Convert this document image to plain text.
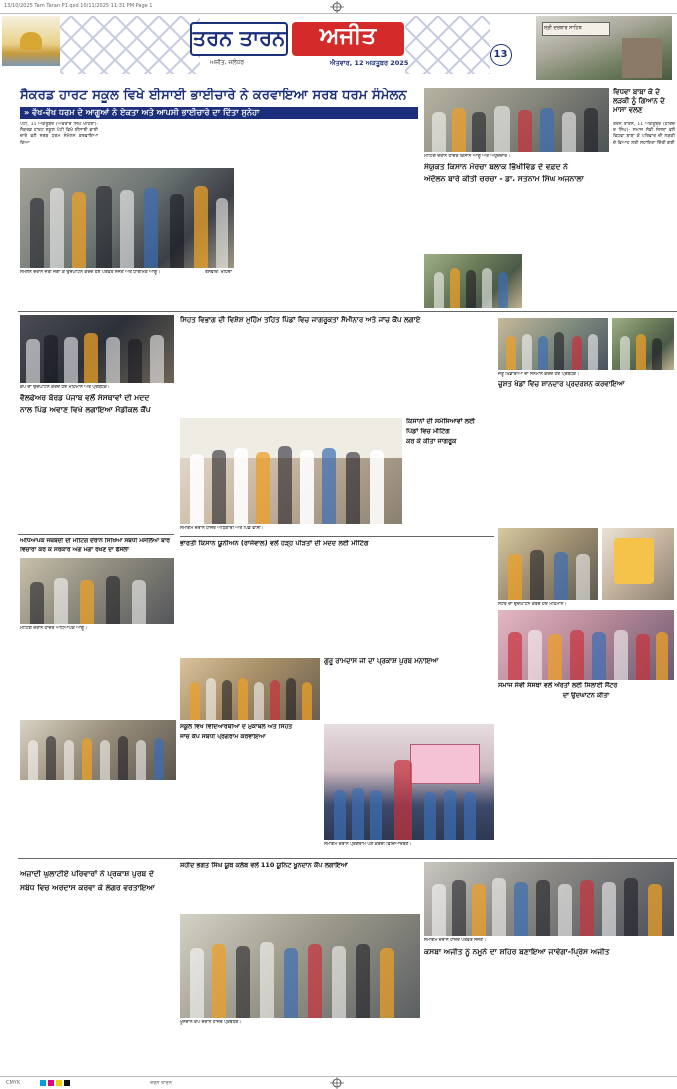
13/10/2025 Tarn Taran P1.qxd 10/11/2025 11:31 PM Page 1
ਤਰਨ ਤਾਰਨ	ਅਜੀਤ
ਅਜੀਤ, ਜਲੰਧਰ	ਐਤਵਾਰ, 12 ਅਕਤੂਬਰ 2025
13
ਸ੍ਰੀ ਦਰਬਾਰ ਸਾਹਿਬ
ਸੈਕਰਡ ਹਾਰਟ ਸਕੂਲ ਵਿਖੇ ਈਸਾਈ ਭਾਈਚਾਰੇ ਨੇ ਕਰਵਾਇਆ ਸਰਬ ਧਰਮ ਸੰਮੇਲਨ
» ਵੱਖ-ਵੱਖ ਧਰਮ ਦੇ ਆਗੂਆਂ ਨੇ ਏਕਤਾ ਅਤੇ ਆਪਸੀ ਭਾਈਚਾਰੇ ਦਾ ਦਿੱਤਾ ਸੁਨੇਹਾ
ਪੱਟੀ, 11 ਅਕਤੂਬਰ (ਅਵਤਾਰ ਸਿੰਘ ਖਹਿਰਾ)- ਸੈਕਰਡ ਹਾਰਟ ਸਕੂਲ ਪੱਟੀ ਵਿਖੇ ਈਸਾਈ ਭਾਈਚਾਰੇ ਵਲੋਂ ਸਰਬ ਧਰਮ ਸੰਮੇਲਨ ਕਰਵਾਇਆ ਗਿਆ
ਸੰਮੇਲਨ ਦੌਰਾਨ ਜੋਤੀ ਜਗਾ ਕੇ ਉਦਘਾਟਨ ਕਰਦੇ ਹੋਏ ਪਤਵੰਤੇ ਸੱਜਣ ਅਤੇ ਧਾਰਮਿਕ ਆਗੂ।	ਤਸਵੀਰ: ਖਹਿਰਾ
ਮੀਟਿੰਗ ਦੌਰਾਨ ਹਾਜ਼ਰ ਕਿਸਾਨ ਆਗੂ ਅਤੇ ਅਹੁਦੇਦਾਰ।
ਸੰਯੁਕਤ ਕਿਸਾਨ ਮੋਰਚਾ ਬਲਾਕ ਭਿੱਖੀਵਿੰਡ ਦੇ ਵਫ਼ਦ ਨੇ
ਅੰਦੋਲਨ ਬਾਰੇ ਕੀਤੀ ਚਰਚਾ - ਡਾ. ਸਤਨਾਮ ਸਿੰਘ ਅਜਨਾਲਾ
ਵਿਧਵਾ ਬਾਬਾ ਕੇ ਦੇ ਲੜਕੀ ਨੂੰ ਗਿਆਨ ਦੇ ਮਾਸਾ ਵਲਣ
ਤਰਨ ਤਾਰਨ, 11 ਅਕਤੂਬਰ (ਹਰਿੰਦਰ ਸਿੰਘ)- ਸਮਾਜ ਸੇਵੀ ਸੰਸਥਾ ਵਲੋਂ ਵਿਧਵਾ ਬਾਬਾ ਕੇ ਪਰਿਵਾਰ ਦੀ ਲੜਕੀ ਦੇ ਵਿਆਹ ਲਈ ਸਹਾਇਤਾ ਦਿੱਤੀ ਗਈ
ਕੈਂਪ ਦਾ ਉਦਘਾਟਨ ਕਰਦੇ ਹੋਏ ਮਹਿਮਾਨ ਅਤੇ ਪ੍ਰਬੰਧਕ।
ਵੈਲਫੇਅਰ ਬੋਰਡ ਪੰਜਾਬ ਵਲੋਂ ਸੰਸਥਾਵਾਂ ਦੀ ਮਦਦ
ਨਾਲ ਪਿੰਡ ਅਵਾਣ ਵਿਖੇ ਲਗਾਇਆ ਮੈਡੀਕਲ ਕੈਂਪ
ਸਿਹਤ ਵਿਭਾਗ ਦੀ ਵਿਸ਼ੇਸ਼ ਮੁਹਿੰਮ ਤਹਿਤ ਪਿੰਡਾਂ ਵਿਚ ਜਾਗਰੂਕਤਾ ਸੈਮੀਨਾਰ ਅਤੇ ਜਾਂਚ ਕੈਂਪ ਲਗਾਏ
ਸਮਾਗਮ ਦੌਰਾਨ ਹਾਜ਼ਰ ਅਧਿਕਾਰੀ ਅਤੇ ਪਿੰਡ ਵਾਸੀ।
ਕਿਸਾਨਾਂ ਦੀ ਸਮੱਸਿਆਵਾਂ ਲਈ
ਪਿੰਡਾਂ ਵਿਚ ਮੀਟਿੰਗ
ਕਰ ਕੇ ਕੀਤਾ ਜਾਗਰੂਕ
ਜੇਤੂ ਖਿਡਾਰੀਆਂ ਦਾ ਸਨਮਾਨ ਕਰਦੇ ਹੋਏ ਪ੍ਰਬੰਧਕ।
ਚੁਸ਼ਤ ਖੇਡਾਂ ਵਿਚ ਸ਼ਾਨਦਾਰ ਪ੍ਰਦਰਸ਼ਨ ਕਰਵਾਇਆ
ਅਧਿਆਪਕ ਜਥੇਬੰਦੀ ਦੀ ਮੀਟਿੰਗ ਦੌਰਾਨ ਸਿੱਖਿਆ ਸਬੰਧੀ ਮਸਲਿਆਂ ਬਾਰੇ
ਵਿਚਾਰਾਂ ਕਰ ਕੇ ਸਰਕਾਰ ਅੱਗੇ ਮੰਗਾਂ ਰੱਖਣ ਦਾ ਫੈਸਲਾ
ਮੀਟਿੰਗ ਦੌਰਾਨ ਹਾਜ਼ਰ ਅਧਿਆਪਕ ਆਗੂ।
ਭਾਰਤੀ ਕਿਸਾਨ ਯੂਨੀਅਨ (ਰਾਜੇਵਾਲ) ਵਲੋਂ ਹੜ੍ਹ ਪੀੜਤਾਂ ਦੀ ਮਦਦ ਲਈ ਮੀਟਿੰਗ
ਸੈਂਟਰ ਦਾ ਉਦਘਾਟਨ ਕਰਦੇ ਹੋਏ ਮਹਿਮਾਨ।
ਸਮਾਜ ਸੇਵੀ ਸੰਸਥਾ ਵਲੋਂ ਔਰਤਾਂ ਲਈ ਸਿਲਾਈ ਸੈਂਟਰ
ਦਾ ਉਦਘਾਟਨ ਕੀਤਾ
ਗੁਰੂ ਰਾਮਦਾਸ ਜੀ ਦਾ ਪ੍ਰਕਾਸ਼ ਪੁਰਬ ਮਨਾਇਆ
ਸਕੂਲ ਵਿਖੇ ਵਿਦਿਆਰਥੀਆਂ ਦੇ ਮੁਕਾਬਲੇ ਅਤੇ ਸਿਹਤ
ਜਾਂਚ ਕੈਂਪ ਸਬੰਧੀ ਪ੍ਰੋਗਰਾਮ ਕਰਵਾਇਆ
ਸਮਾਗਮ ਦੌਰਾਨ ਪ੍ਰੋਗਰਾਮ ਪੇਸ਼ ਕਰਦੀ ਵਿਦਿਆਰਥਣ।
ਅਜ਼ਾਦੀ ਘੁਲਾਟੀਏ ਪਰਿਵਾਰਾਂ ਨੇ ਪ੍ਰਕਾਸ਼ ਪੁਰਬ ਦੇ
ਸਬੰਧ ਵਿਚ ਅਰਦਾਸ ਕਰਵਾ ਕੇ ਲੰਗਰ ਵਰਤਾਇਆ
ਸ਼ਹੀਦ ਭਗਤ ਸਿੰਘ ਯੂਥ ਕਲੱਬ ਵਲੋਂ 110 ਯੂਨਿਟ ਖੂਨਦਾਨ ਕੈਂਪ ਲਗਾਇਆ
ਖੂਨਦਾਨ ਕੈਂਪ ਦੌਰਾਨ ਹਾਜ਼ਰ ਪ੍ਰਬੰਧਕ।
ਸਮਾਗਮ ਦੌਰਾਨ ਹਾਜ਼ਰ ਪਤਵੰਤੇ ਸੱਜਣ।
ਕਸਬਾ ਅਜੀਤ ਨੂੰ ਨਮੂਨੇ ਦਾ ਸ਼ਹਿਰ ਬਣਾਇਆ ਜਾਵੇਗਾ-ਪ੍ਰਿੰਸ ਅਜੀਤ
CMYK	ਤਰਨ ਤਾਰਨ
